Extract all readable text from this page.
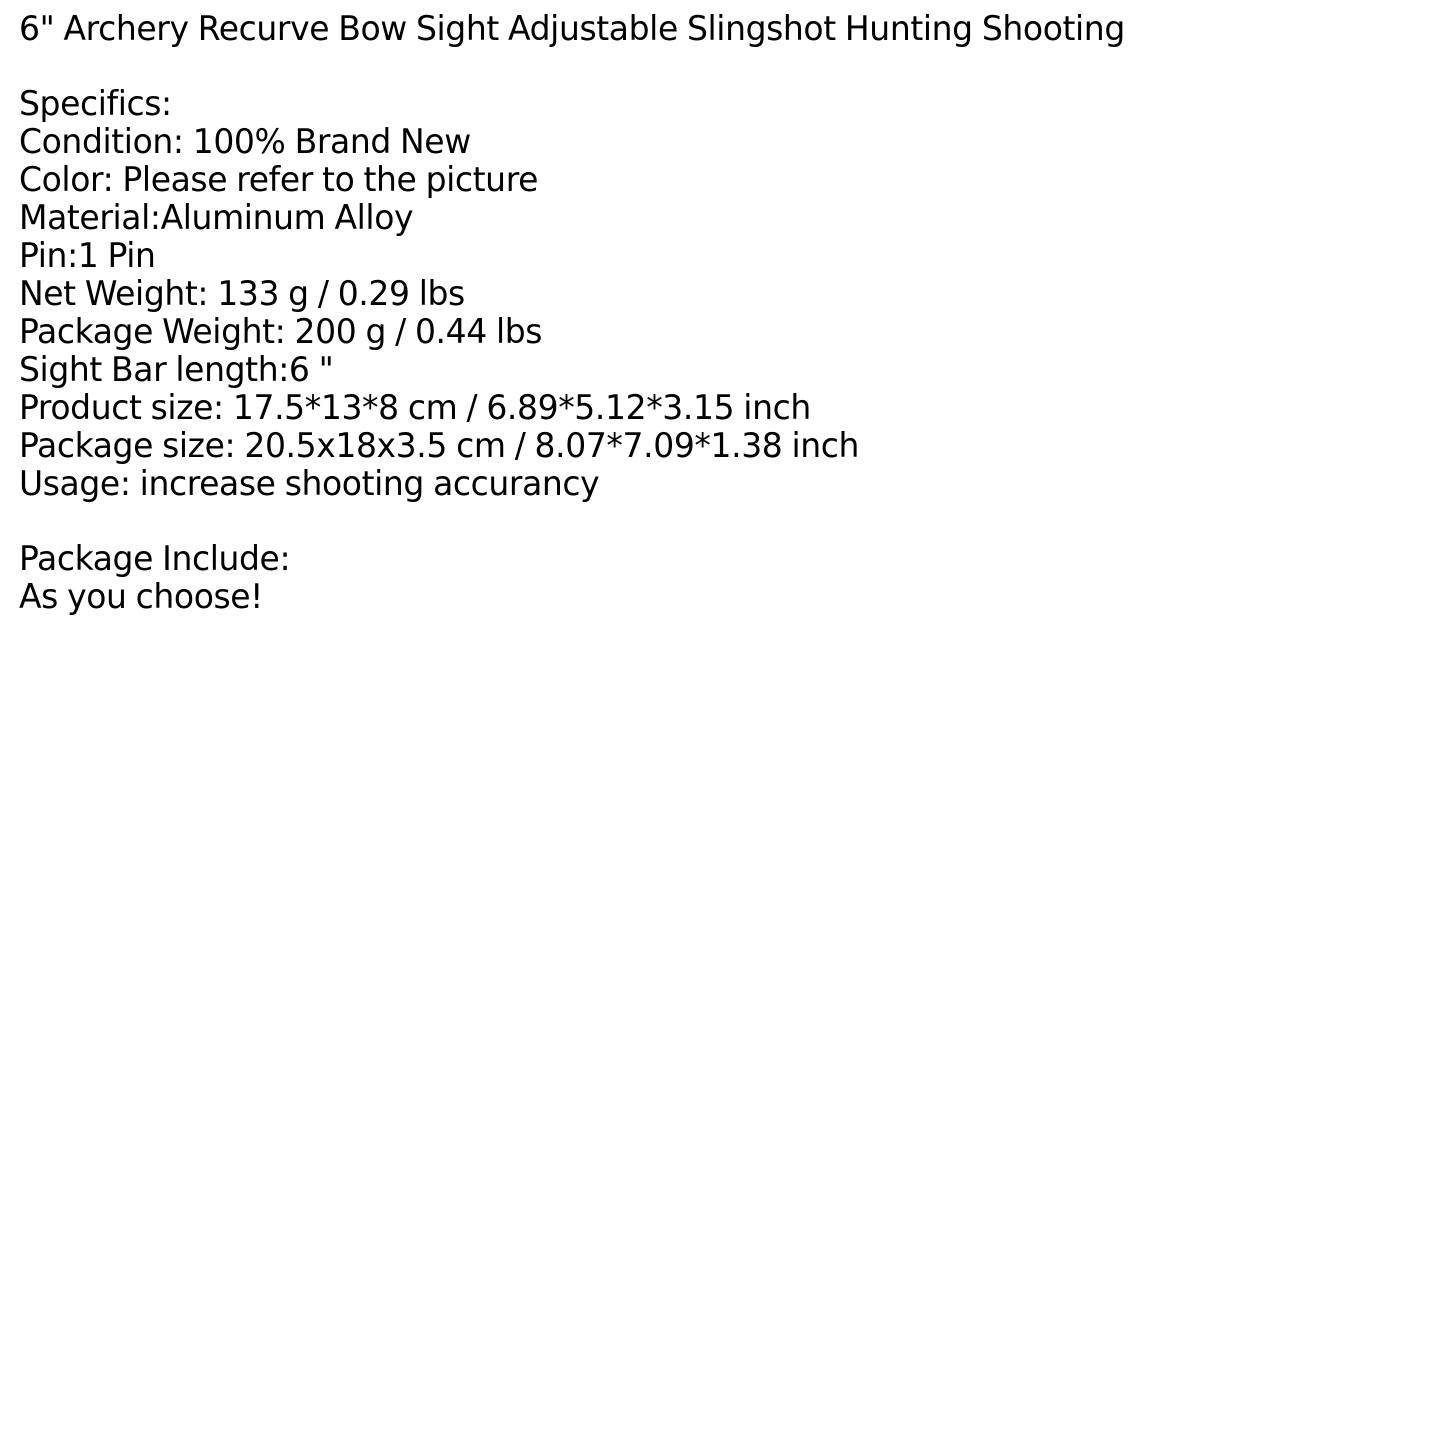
6" Archery Recurve Bow Sight Adjustable Slingshot Hunting Shooting
Specifics:
Condition: 100% Brand New
Color: Please refer to the picture
Material:Aluminum Alloy
Pin:1 Pin
Net Weight: 133 g / 0.29 lbs
Package Weight: 200 g / 0.44 lbs
Sight Bar length:6 "
Product size: 17.5*13*8 cm / 6.89*5.12*3.15 inch
Package size: 20.5x18x3.5 cm / 8.07*7.09*1.38 inch
Usage: increase shooting accurancy
Package Include:
As you choose!
